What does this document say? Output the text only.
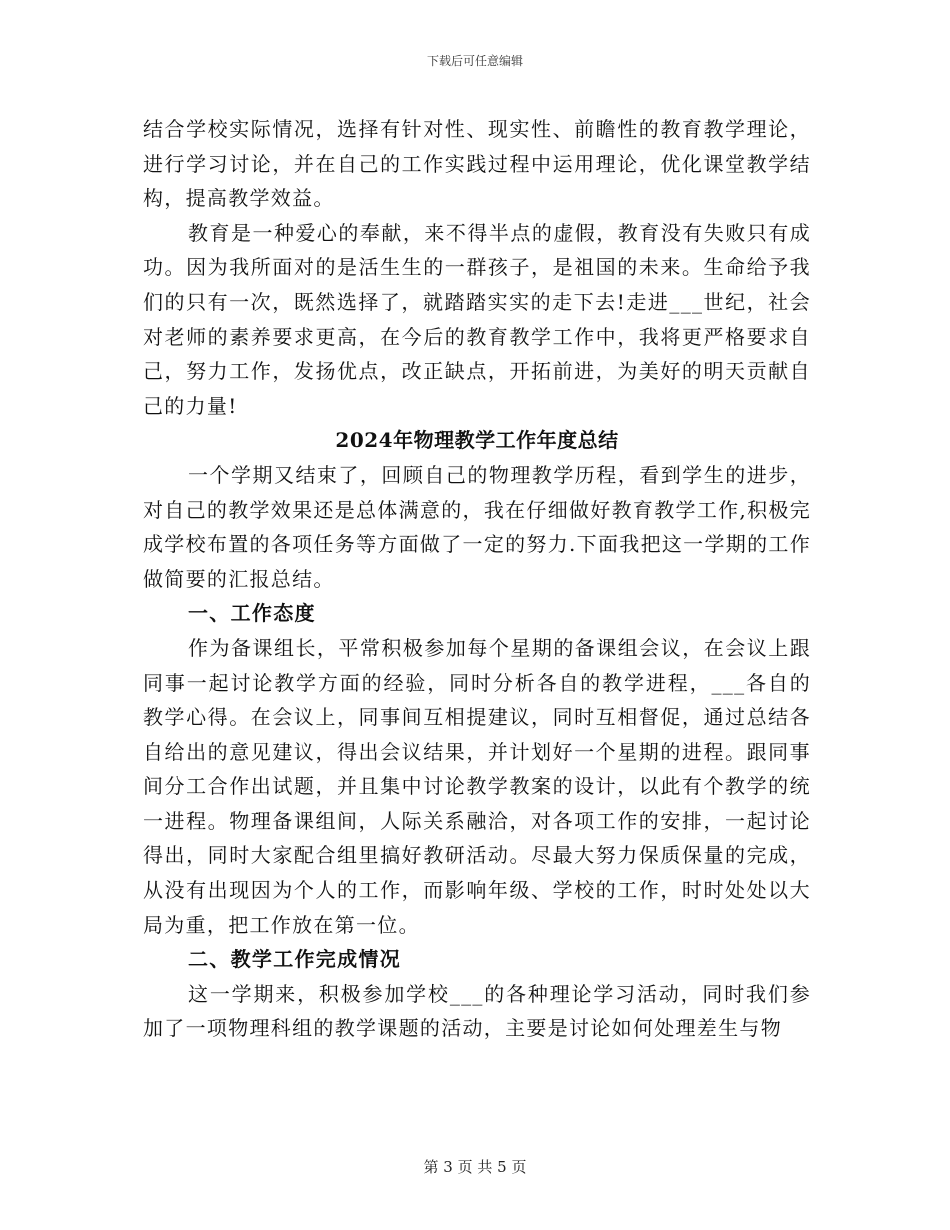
下载后可任意编辑

结合学校实际情况，选择有针对性、现实性、前瞻性的教育教学理论，进行学习讨论，并在自己的工作实践过程中运用理论，优化课堂教学结构，提高教学效益。

教育是一种爱心的奉献，来不得半点的虚假，教育没有失败只有成功。因为我所面对的是活生生的一群孩子，是祖国的未来。生命给予我们的只有一次，既然选择了，就踏踏实实的走下去!走进___世纪，社会对老师的素养要求更高，在今后的教育教学工作中，我将更严格要求自己，努力工作，发扬优点，改正缺点，开拓前进，为美好的明天贡献自己的力量!

2024年物理教学工作年度总结

一个学期又结束了，回顾自己的物理教学历程，看到学生的进步，对自己的教学效果还是总体满意的，我在仔细做好教育教学工作,积极完成学校布置的各项任务等方面做了一定的努力.下面我把这一学期的工作做简要的汇报总结。

一、工作态度

作为备课组长，平常积极参加每个星期的备课组会议，在会议上跟同事一起讨论教学方面的经验，同时分析各自的教学进程，___各自的教学心得。在会议上，同事间互相提建议，同时互相督促，通过总结各自给出的意见建议，得出会议结果，并计划好一个星期的进程。跟同事间分工合作出试题，并且集中讨论教学教案的设计，以此有个教学的统一进程。物理备课组间，人际关系融洽，对各项工作的安排，一起讨论得出，同时大家配合组里搞好教研活动。尽最大努力保质保量的完成，从没有出现因为个人的工作，而影响年级、学校的工作，时时处处以大局为重，把工作放在第一位。

二、教学工作完成情况

这一学期来，积极参加学校___的各种理论学习活动，同时我们参加了一项物理科组的教学课题的活动，主要是讨论如何处理差生与物

第 3 页 共 5 页
